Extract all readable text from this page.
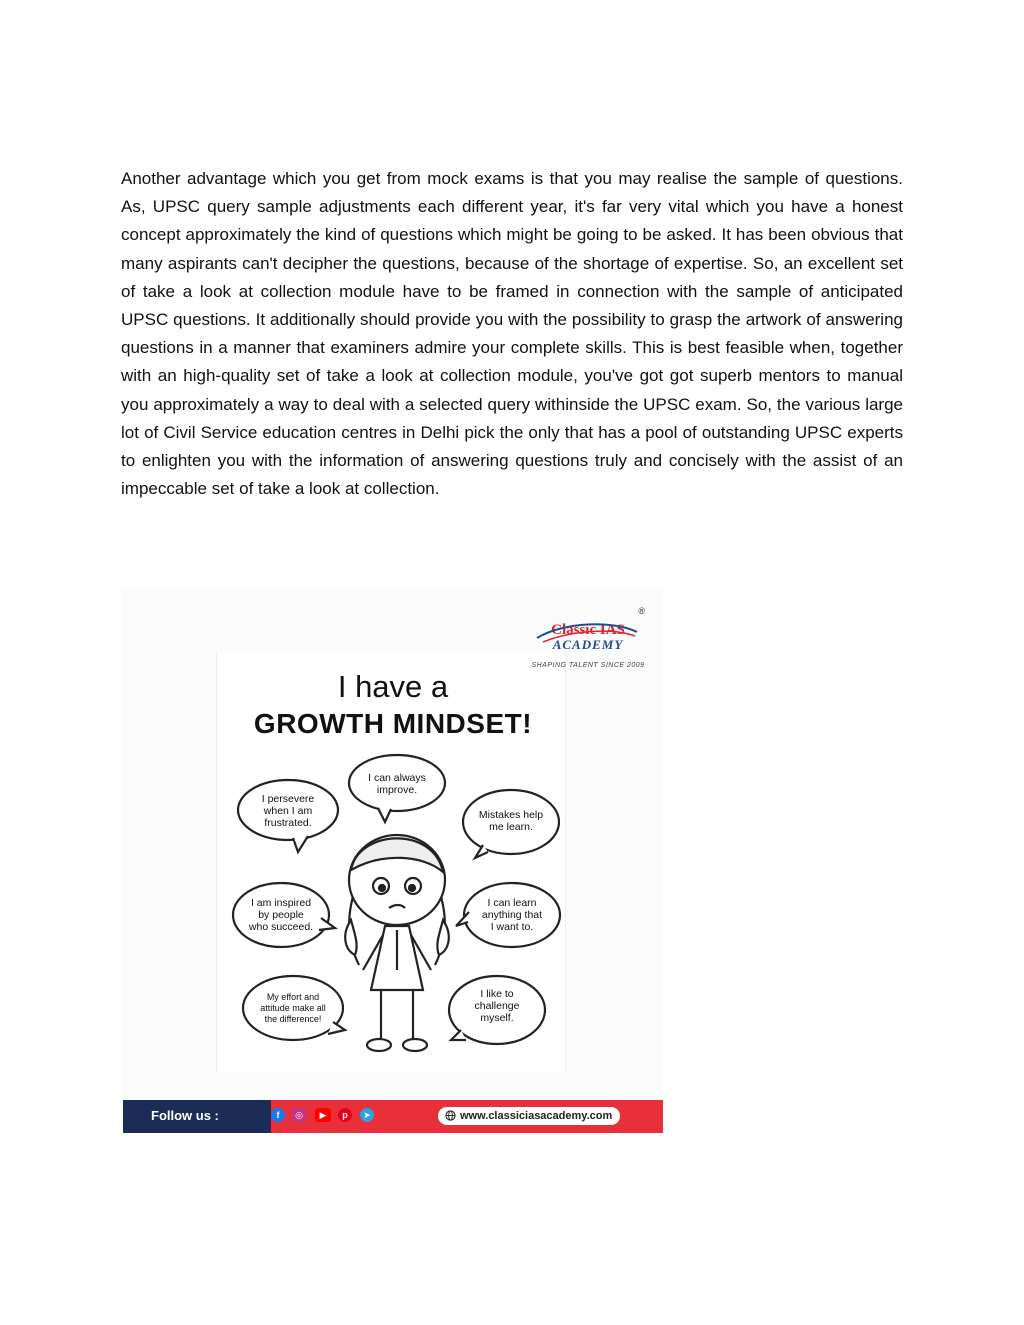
Another advantage which you get from mock exams is that you may realise the sample of questions. As, UPSC query sample adjustments each different year, it's far very vital which you have a honest concept approximately the kind of questions which might be going to be asked. It has been obvious that many aspirants can't decipher the questions, because of the shortage of expertise. So, an excellent set of take a look at collection module have to be framed in connection with the sample of anticipated UPSC questions. It additionally should provide you with the possibility to grasp the artwork of answering questions in a manner that examiners admire your complete skills. This is best feasible when, together with an high-quality set of take a look at collection module, you've got got superb mentors to manual you approximately a way to deal with a selected query withinside the UPSC exam. So, the various large lot of Civil Service education centres in Delhi pick the only that has a pool of outstanding UPSC experts to enlighten you with the information of answering questions truly and concisely with the assist of an impeccable set of take a look at collection.

®
Classic IAS
ACADEMY
SHAPING TALENT SINCE 2009
I have a
GROWTH MINDSET!
I persevere
when I am
frustrated.
I can always
improve.
Mistakes help
me learn.
I am inspired
by people
who succeed.
I can learn
anything that
I want to.
My effort and
attitude make all
the difference!
I like to
challenge
myself.
Follow us :	f	◎	▶	p	➤	www.classiciasacademy.com
